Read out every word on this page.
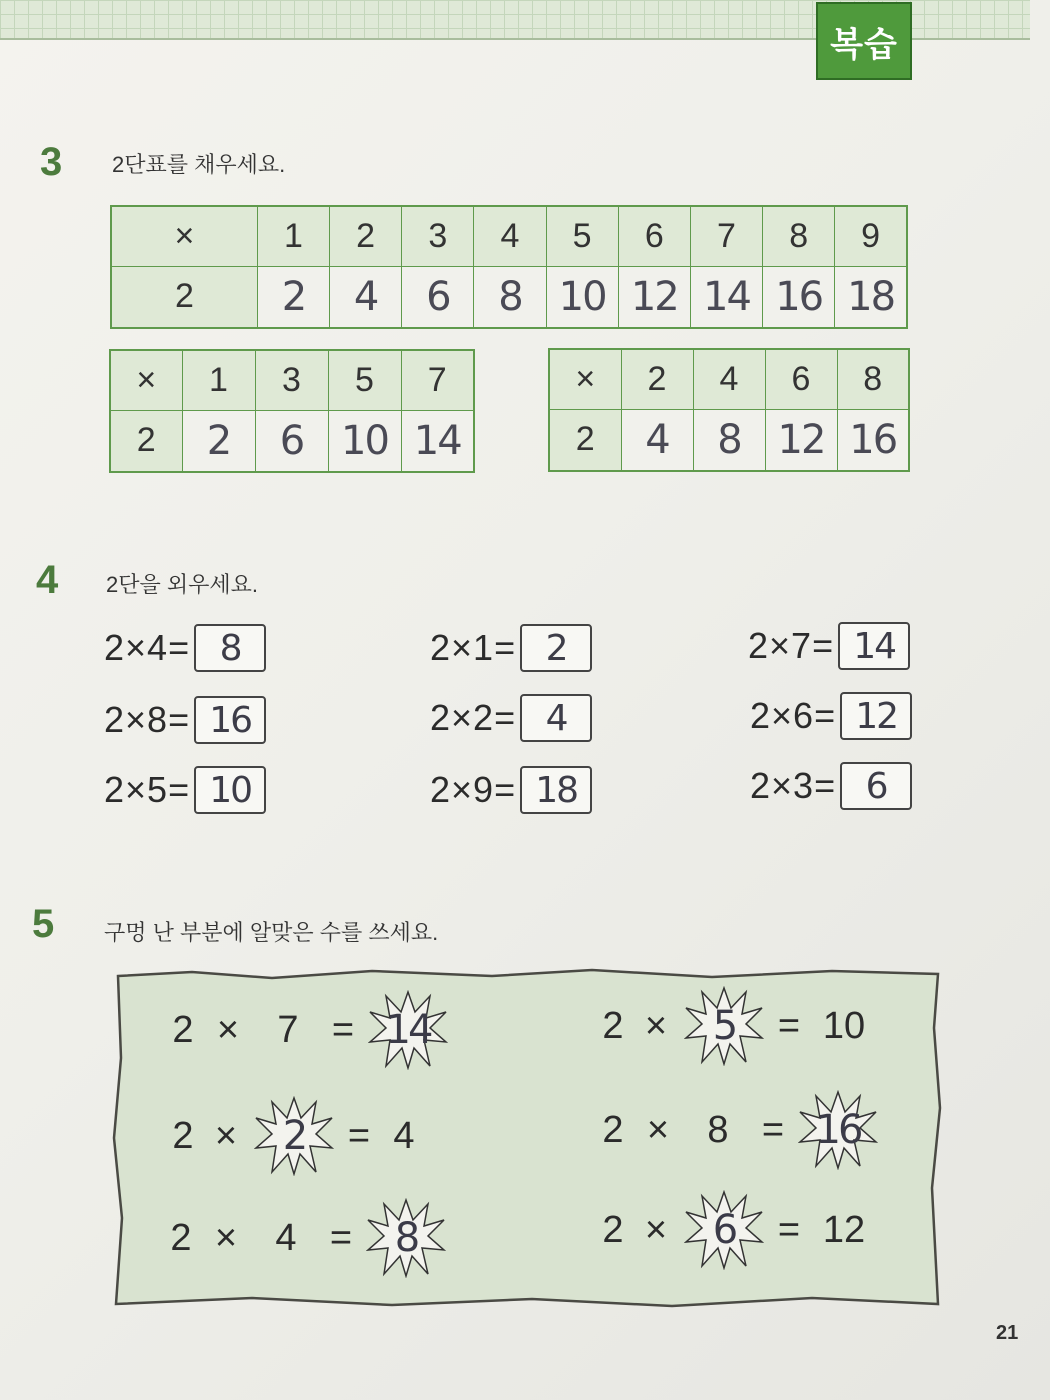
복습
3 2단표를 채우세요.
×	1	2	3	4	5	6	7	8	9
2	2	4	6	8	10	12	14	16	18
×	1	3	5	7
2	2	6	10	14
×	2	4	6	8
2	4	8	12	16
4 2단을 외우세요.
2×4= 8	2×1= 2	2×7= 14
2×8= 16	2×2= 4	2×6= 12
2×5= 10	2×9= 18	2×3= 6
5 구멍 난 부분에 알맞은 수를 쓰세요.
2 ×	7 = 14	2 ×	5	= 10
2 ×	2	= 4	2 ×	8 = 16
2 ×	4 =	8	2 ×	6	= 12
21
